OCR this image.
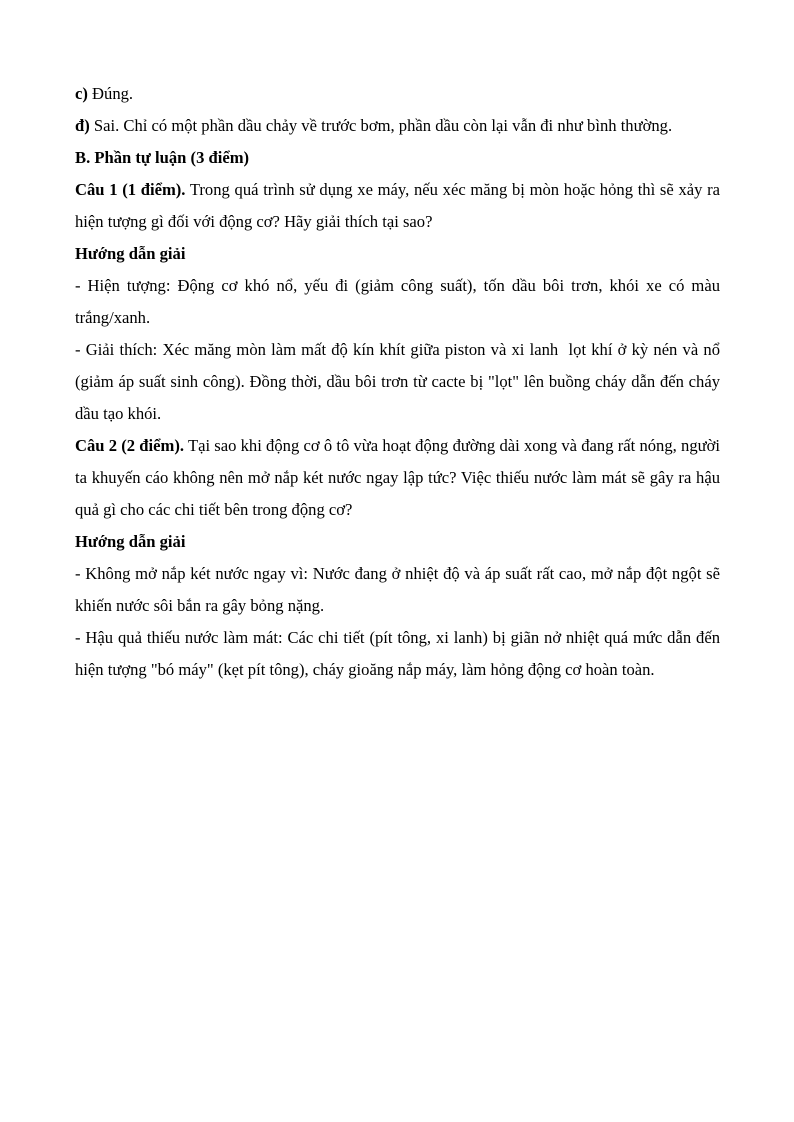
c) Đúng.

đ) Sai. Chỉ có một phần dầu chảy về trước bơm, phần dầu còn lại vẫn đi như bình thường.

B. Phần tự luận (3 điểm)

Câu 1 (1 điểm). Trong quá trình sử dụng xe máy, nếu xéc măng bị mòn hoặc hỏng thì sẽ xảy ra hiện tượng gì đối với động cơ? Hãy giải thích tại sao?

Hướng dẫn giải

- Hiện tượng: Động cơ khó nổ, yếu đi (giảm công suất), tốn dầu bôi trơn, khói xe có màu trắng/xanh.

- Giải thích: Xéc măng mòn làm mất độ kín khít giữa piston và xi lanh  lọt khí ở kỳ nén và nổ (giảm áp suất sinh công). Đồng thời, dầu bôi trơn từ cacte bị "lọt" lên buồng cháy dẫn đến cháy dầu tạo khói.

Câu 2 (2 điểm). Tại sao khi động cơ ô tô vừa hoạt động đường dài xong và đang rất nóng, người ta khuyến cáo không nên mở nắp két nước ngay lập tức? Việc thiếu nước làm mát sẽ gây ra hậu quả gì cho các chi tiết bên trong động cơ?

Hướng dẫn giải

- Không mở nắp két nước ngay vì: Nước đang ở nhiệt độ và áp suất rất cao, mở nắp đột ngột sẽ khiến nước sôi bắn ra gây bỏng nặng.

- Hậu quả thiếu nước làm mát: Các chi tiết (pít tông, xi lanh) bị giãn nở nhiệt quá mức dẫn đến hiện tượng "bó máy" (kẹt pít tông), cháy gioăng nắp máy, làm hỏng động cơ hoàn toàn.
